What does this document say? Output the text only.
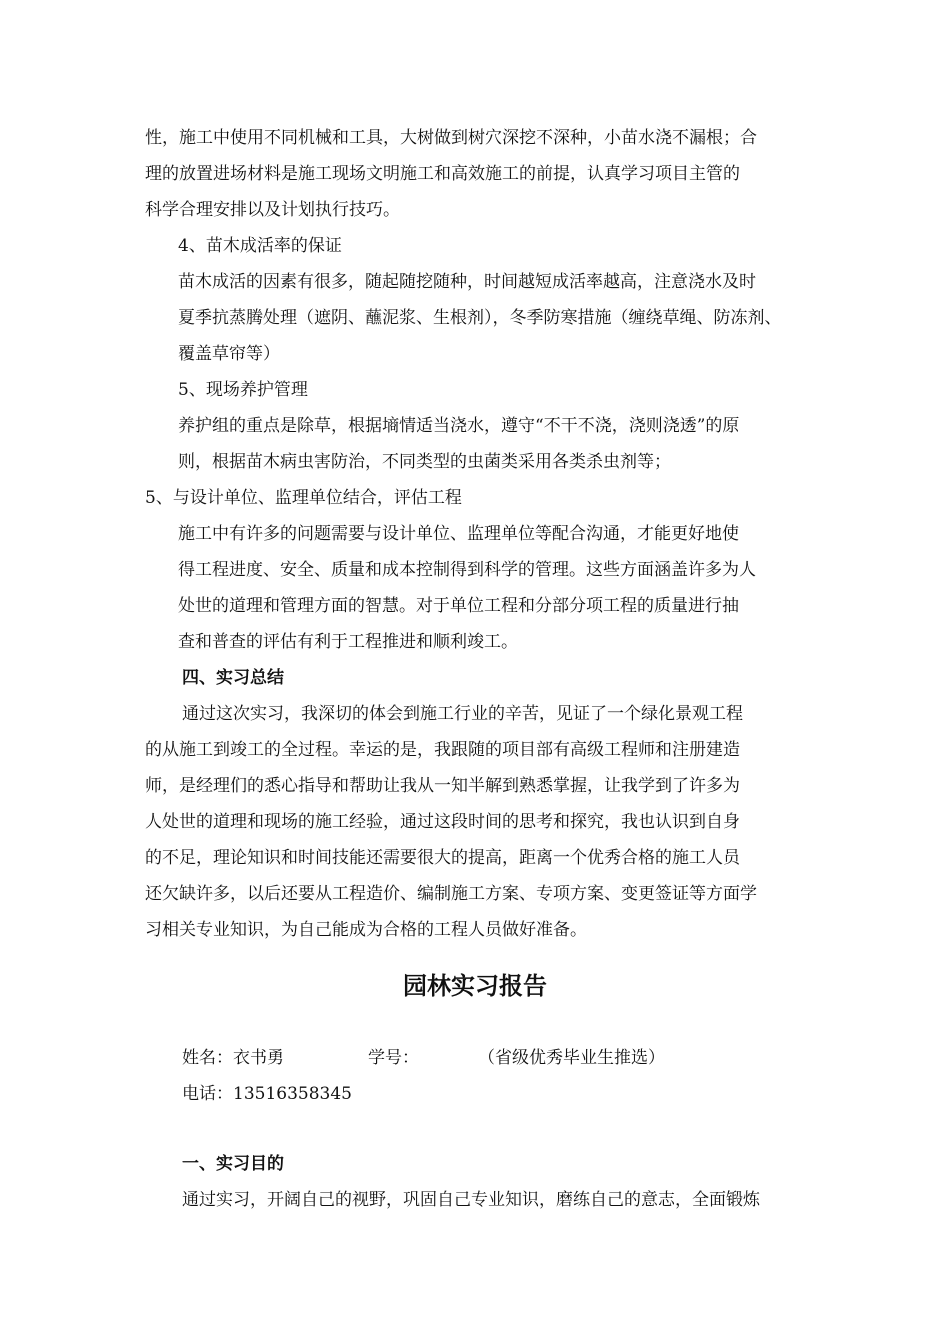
性，施工中使用不同机械和工具，大树做到树穴深挖不深种，小苗水浇不漏根；合
理的放置进场材料是施工现场文明施工和高效施工的前提，认真学习项目主管的
科学合理安排以及计划执行技巧。
4、苗木成活率的保证
苗木成活的因素有很多，随起随挖随种，时间越短成活率越高，注意浇水及时
夏季抗蒸腾处理（遮阴、蘸泥浆、生根剂），冬季防寒措施（缠绕草绳、防冻剂、
覆盖草帘等）
5、现场养护管理
养护组的重点是除草，根据墒情适当浇水，遵守“不干不浇，浇则浇透”的原
则，根据苗木病虫害防治，不同类型的虫菌类采用各类杀虫剂等；
5、与设计单位、监理单位结合，评估工程
施工中有许多的问题需要与设计单位、监理单位等配合沟通，才能更好地使
得工程进度、安全、质量和成本控制得到科学的管理。这些方面涵盖许多为人
处世的道理和管理方面的智慧。对于单位工程和分部分项工程的质量进行抽
查和普查的评估有利于工程推进和顺利竣工。
四、实习总结
通过这次实习，我深切的体会到施工行业的辛苦，见证了一个绿化景观工程
的从施工到竣工的全过程。幸运的是，我跟随的项目部有高级工程师和注册建造
师，是经理们的悉心指导和帮助让我从一知半解到熟悉掌握，让我学到了许多为
人处世的道理和现场的施工经验，通过这段时间的思考和探究，我也认识到自身
的不足，理论知识和时间技能还需要很大的提高，距离一个优秀合格的施工人员
还欠缺许多，以后还要从工程造价、编制施工方案、专项方案、变更签证等方面学
习相关专业知识，为自己能成为合格的工程人员做好准备。
园林实习报告
姓名：衣书勇	学号：	（省级优秀毕业生推选）
电话：13516358345
一、实习目的
通过实习，开阔自己的视野，巩固自己专业知识，磨练自己的意志，全面锻炼
